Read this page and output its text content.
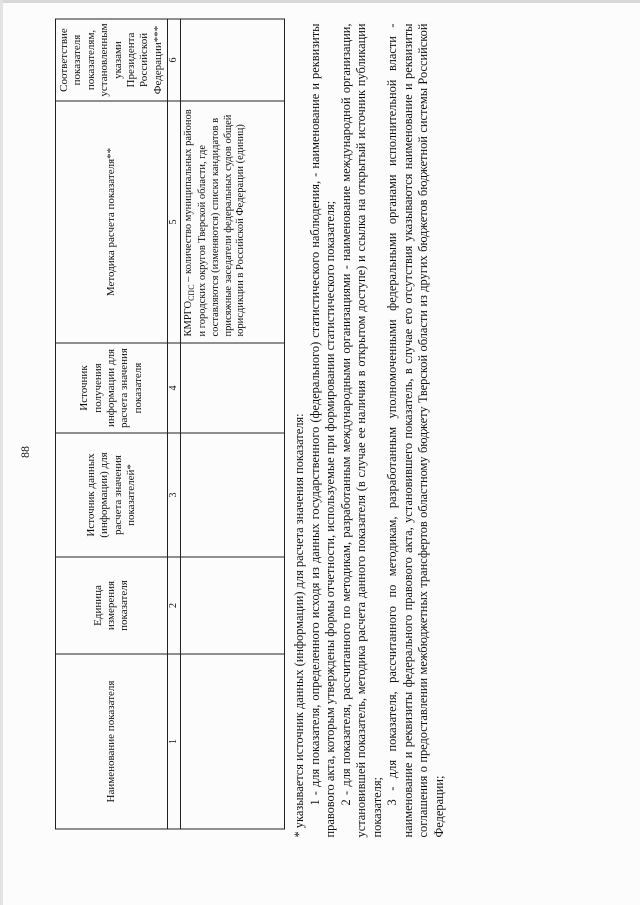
88
Наименование показателя	Единица измерения показателя	Источник данных (информации) для расчета значения показателей*	Источник получения информации для расчета значения показателя	Методика расчета показателя**	Соответствие показателя показателям, установленным указами Президента Российской Федерации***
1	2	3	4	5	6
				$КМРГО_{СПС}$ – количество муниципальных районов и городских округов Тверской области, где составляются (изменяются) списки кандидатов в присяжные заседатели федеральных судов общей юрисдикции в Российской Федерации (единиц)	

* указывается источник данных (информации) для расчета значения показателя: 1 - для показателя, определенного исходя из данных государственного (федерального) статистического наблюдения, - наименование и реквизиты правового акта, которым утверждены формы отчетности, используемые при формировании статистического показателя; 2 - для показателя, рассчитанного по методикам, разработанным международными организациями - наименование международной организации, установившей показатель, методика расчета данного показателя (в случае ее наличия в открытом доступе) и ссылка на открытый источник публикации показателя;

3 - для показателя, рассчитанного по методикам, разработанным уполномоченными федеральными органами исполнительной власти - наименование и реквизиты федерального правового акта, установившего показатель, в случае его отсутствия указываются наименование и реквизиты соглашения о предоставлении межбюджетных трансфертов областному бюджету Тверской области из других бюджетов бюджетной системы Российской Федерации;
